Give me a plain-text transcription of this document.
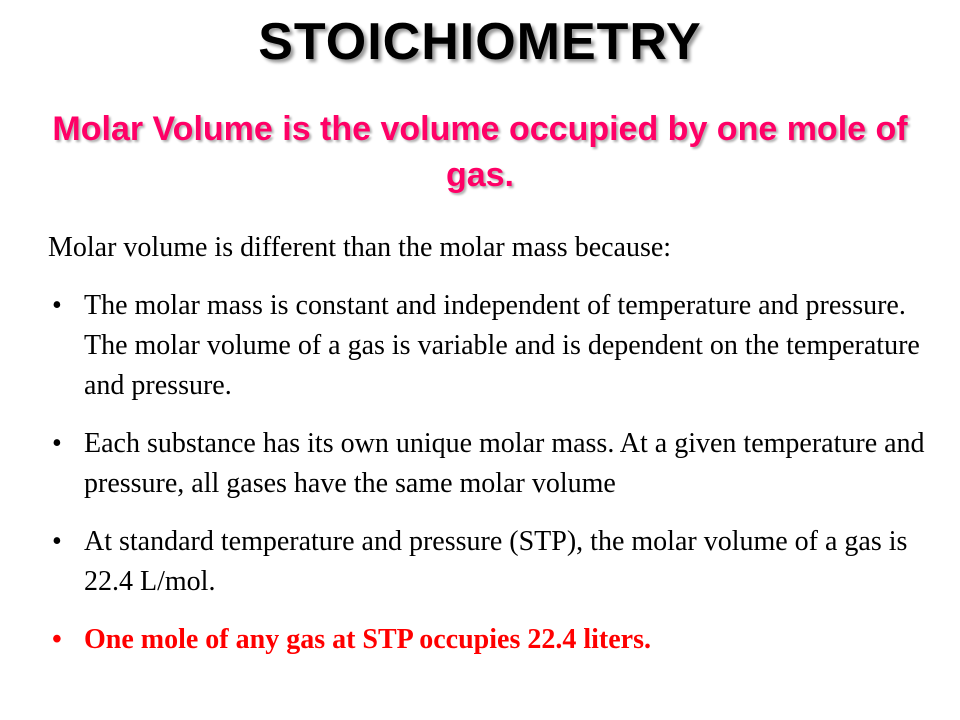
STOICHIOMETRY
Molar Volume is the volume occupied by one mole of gas.

Molar volume is different than the molar mass because:

• The molar mass is constant and independent of temperature and pressure. The molar volume of a gas is variable and is dependent on the temperature and pressure.
• Each substance has its own unique molar mass. At a given temperature and pressure, all gases have the same molar volume
• At standard temperature and pressure (STP), the molar volume of a gas is 22.4 L/mol.
• One mole of any gas at STP occupies 22.4 liters.
